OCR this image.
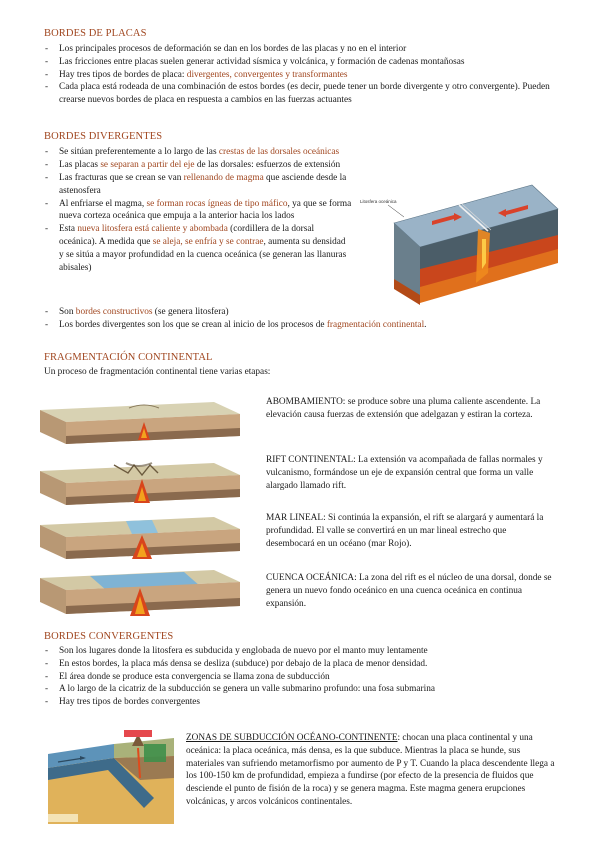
BORDES DE PLACAS
- Los principales procesos de deformación se dan en los bordes de las placas y no en el interior
- Las fricciones entre placas suelen generar actividad sísmica y volcánica, y formación de cadenas montañosas
- Hay tres tipos de bordes de placa: divergentes, convergentes y transformantes
- Cada placa está rodeada de una combinación de estos bordes (es decir, puede tener un borde divergente y otro convergente). Pueden crearse nuevos bordes de placa en respuesta a cambios en las fuerzas actuantes
BORDES DIVERGENTES
- Se sitúan preferentemente a lo largo de las crestas de las dorsales oceánicas
- Las placas se separan a partir del eje de las dorsales: esfuerzos de extensión
- Las fracturas que se crean se van rellenando de magma que asciende desde la astenosfera
- Al enfriarse el magma, se forman rocas ígneas de tipo máfico, ya que se forma nueva corteza oceánica que empuja a la anterior hacia los lados
- Esta nueva litosfera está caliente y abombada (cordillera de la dorsal oceánica). A medida que se aleja, se enfría y se contrae, aumenta su densidad y se sitúa a mayor profundidad en la cuenca oceánica (se generan las llanuras abisales)
- Son bordes constructivos (se genera litosfera)
- Los bordes divergentes son los que se crean al inicio de los procesos de fragmentación continental.
Litosfera oceánica
FRAGMENTACIÓN CONTINENTAL
Un proceso de fragmentación continental tiene varias etapas:
ABOMBAMIENTO: se produce sobre una pluma caliente ascendente. La elevación causa fuerzas de extensión que adelgazan y estiran la corteza.
RIFT CONTINENTAL: La extensión va acompañada de fallas normales y vulcanismo, formándose un eje de expansión central que forma un valle alargado llamado rift.
MAR LINEAL: Si continúa la expansión, el rift se alargará y aumentará la profundidad. El valle se convertirá en un mar lineal estrecho que desembocará en un océano (mar Rojo).
CUENCA OCEÁNICA: La zona del rift es el núcleo de una dorsal, donde se genera un nuevo fondo oceánico en una cuenca oceánica en continua expansión.
BORDES CONVERGENTES
- Son los lugares donde la litosfera es subducida y englobada de nuevo por el manto muy lentamente
- En estos bordes, la placa más densa se desliza (subduce) por debajo de la placa de menor densidad.
- El área donde se produce esta convergencia se llama zona de subducción
- A lo largo de la cicatriz de la subducción se genera un valle submarino profundo: una fosa submarina
- Hay tres tipos de bordes convergentes
ZONAS DE SUBDUCCIÓN OCÉANO-CONTINENTE: chocan una placa continental y una oceánica: la placa oceánica, más densa, es la que subduce. Mientras la placa se hunde, sus materiales van sufriendo metamorfismo por aumento de P y T. Cuando la placa descendente llega a los 100-150 km de profundidad, empieza a fundirse (por efecto de la presencia de fluidos que desciende el punto de fisión de la roca) y se genera magma. Este magma genera erupciones volcánicas, y arcos volcánicos continentales.
